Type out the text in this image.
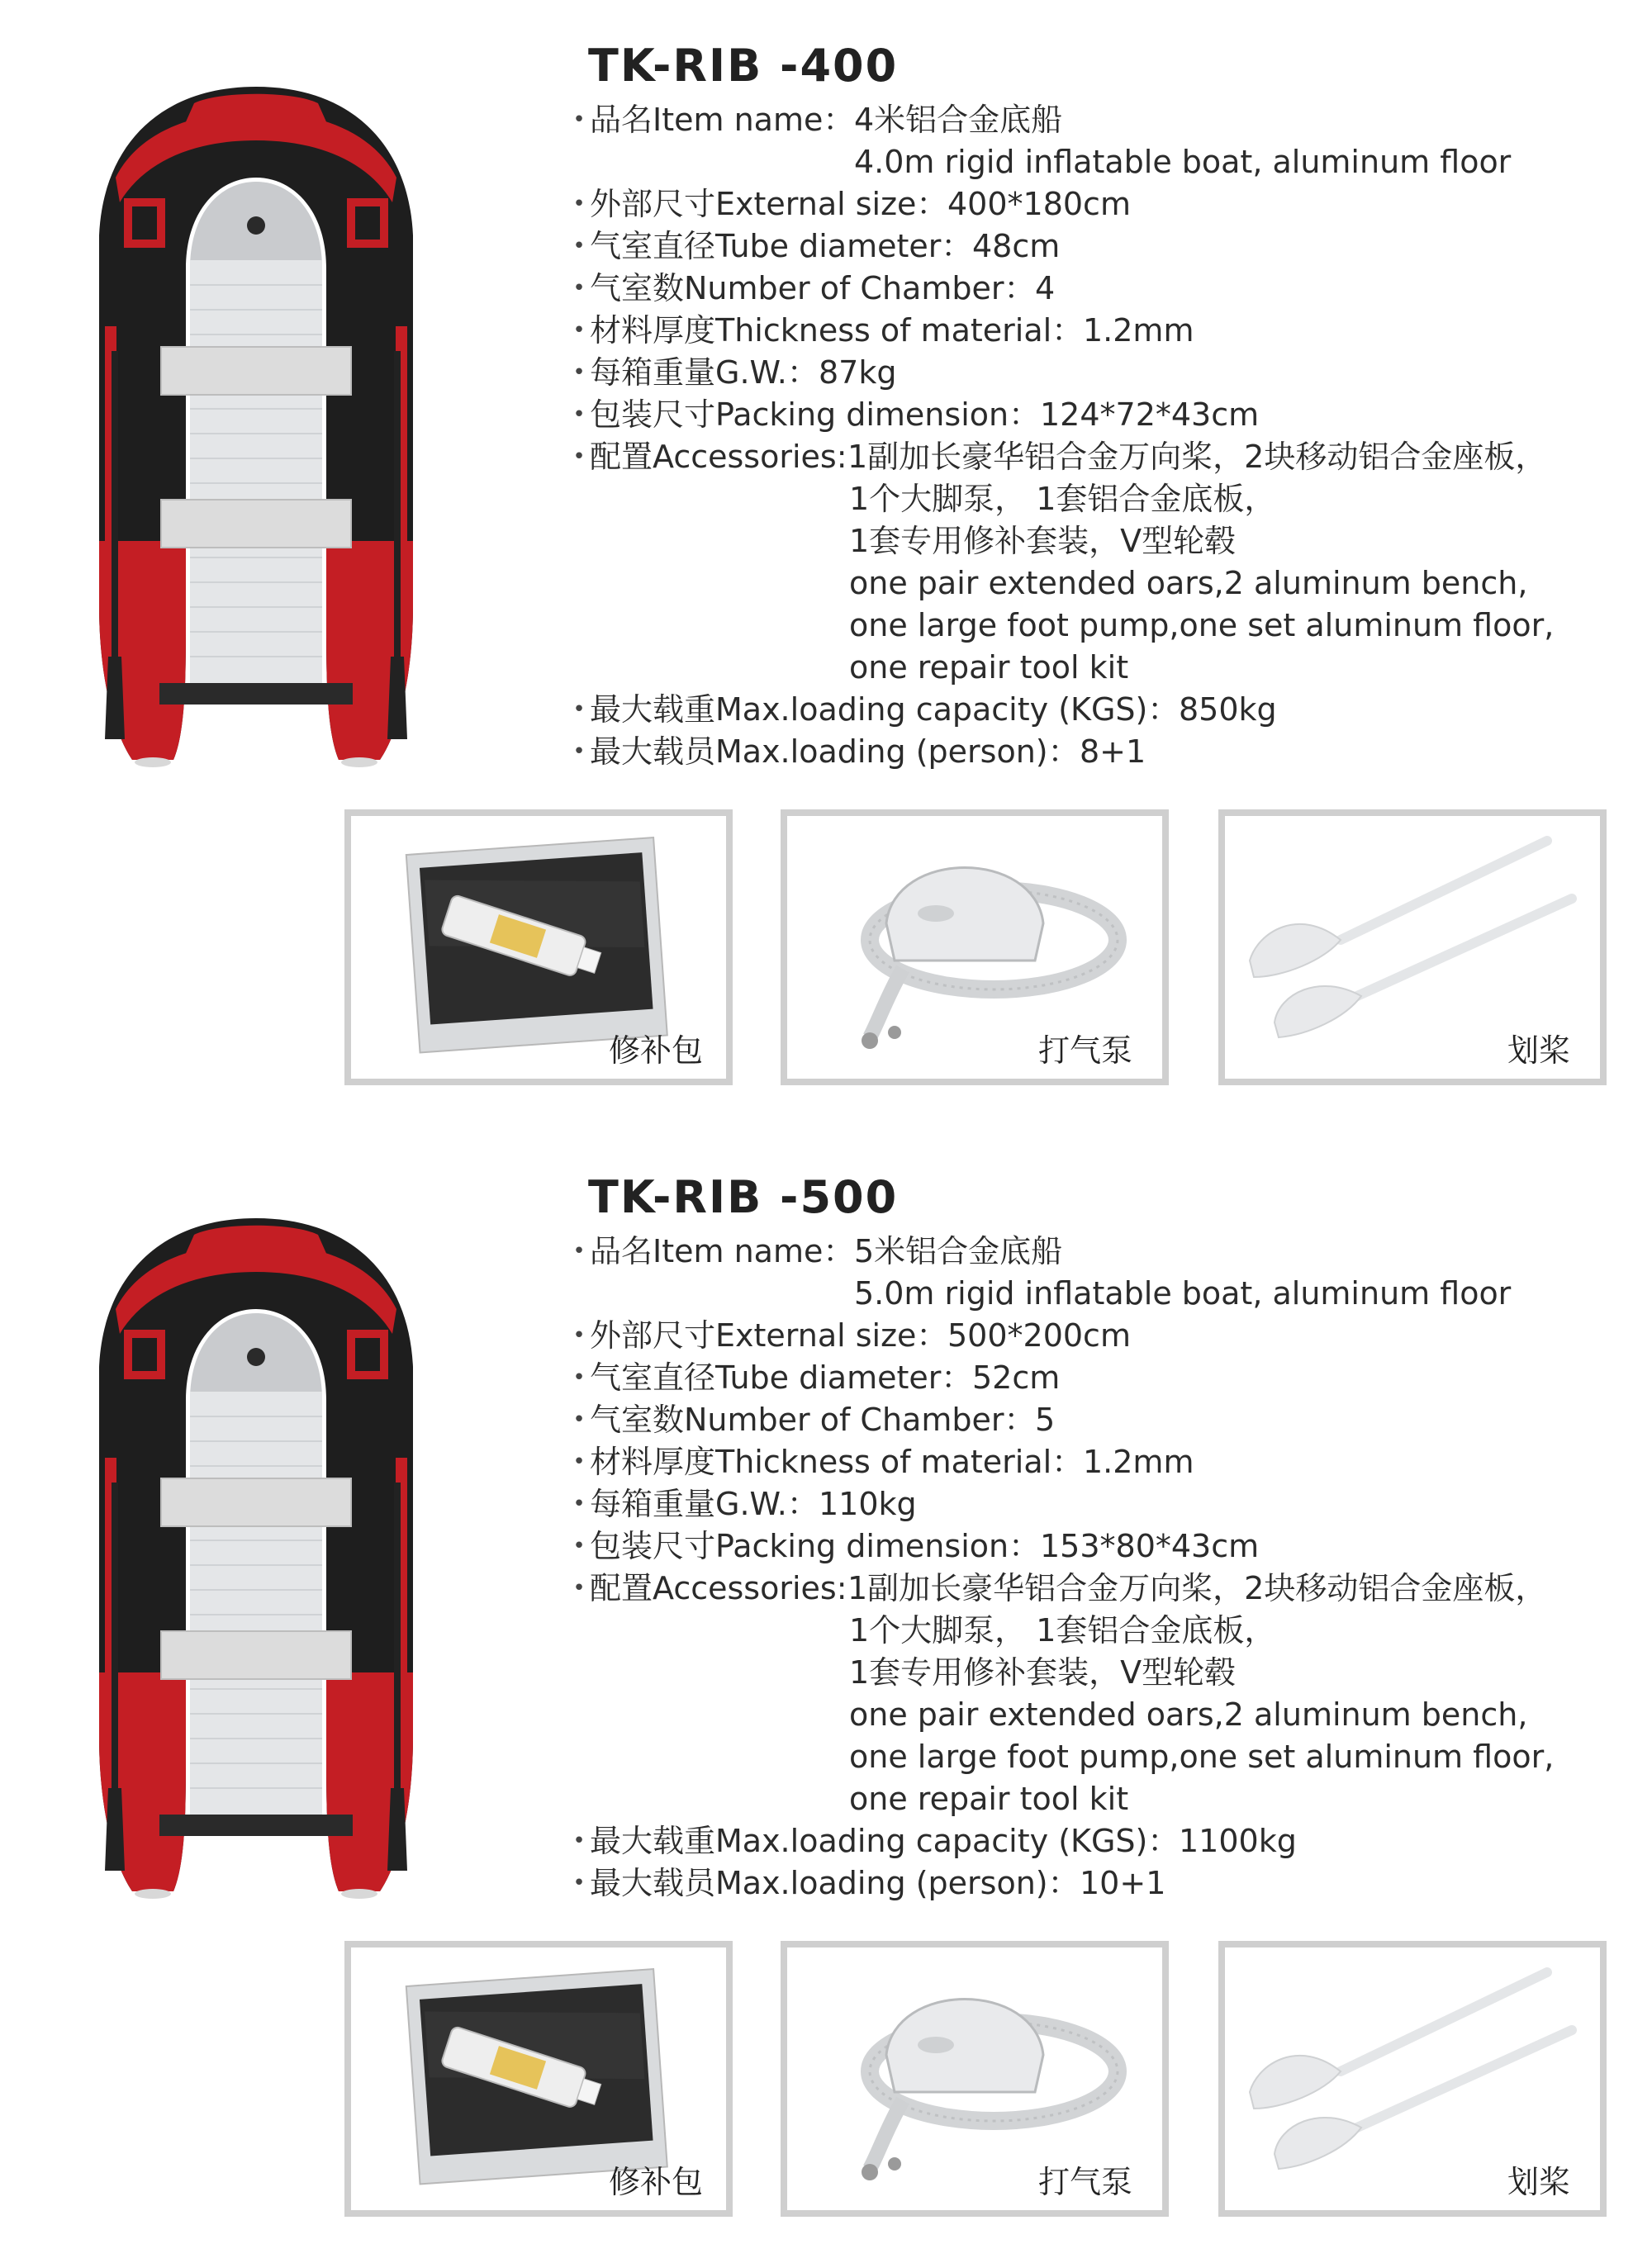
TK-RIB -400
• 品名Item name： 4米铝合金底船
4.0m rigid inflatable boat, aluminum floor
• 外部尺寸External size： 400*180cm
• 气室直径Tube diameter： 48cm
• 气室数Number of Chamber： 4
• 材料厚度Thickness of material： 1.2mm
• 每箱重量G.W.： 87kg
• 包装尺寸Packing dimension： 124*72*43cm
• 配置Accessories: 1副加长豪华铝合金万向桨，2块移动铝合金座板，
1个大脚泵， 1套铝合金底板，
1套专用修补套装，V型轮毂
one pair extended oars,2 aluminum bench,
one large foot pump,one set aluminum floor,
one repair tool kit
• 最大载重Max.loading capacity (KGS)： 850kg
• 最大载员Max.loading (person)： 8+1
修补包	打气泵	划桨
TK-RIB -500
• 品名Item name： 5米铝合金底船
5.0m rigid inflatable boat, aluminum floor
• 外部尺寸External size： 500*200cm
• 气室直径Tube diameter： 52cm
• 气室数Number of Chamber： 5
• 材料厚度Thickness of material： 1.2mm
• 每箱重量G.W.： 110kg
• 包装尺寸Packing dimension： 153*80*43cm
• 配置Accessories: 1副加长豪华铝合金万向桨，2块移动铝合金座板，
1个大脚泵， 1套铝合金底板，
1套专用修补套装，V型轮毂
one pair extended oars,2 aluminum bench,
one large foot pump,one set aluminum floor,
one repair tool kit
• 最大载重Max.loading capacity (KGS)： 1100kg
• 最大载员Max.loading (person)： 10+1
修补包	打气泵	划桨
